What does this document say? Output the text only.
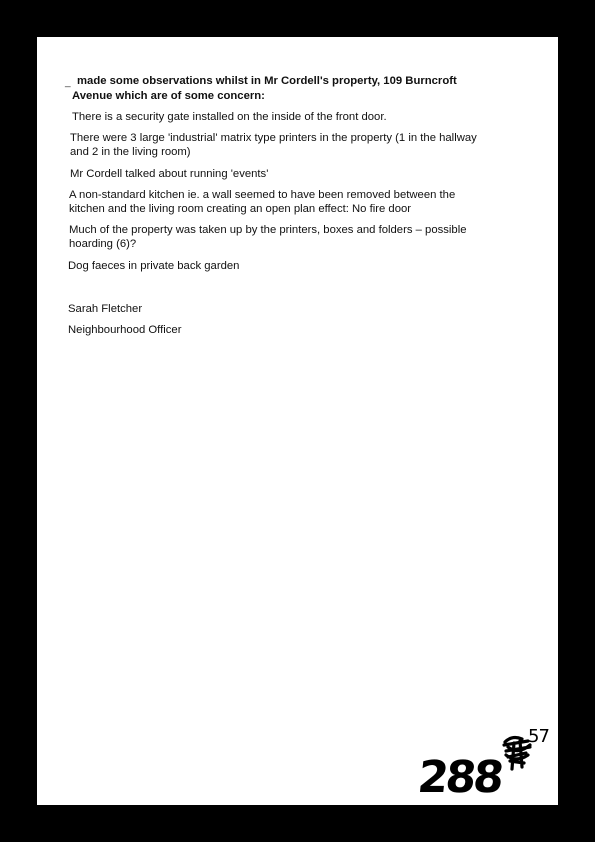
_ made some observations whilst in Mr Cordell's property, 109 Burncroft
Avenue which are of some concern:
There is a security gate installed on the inside of the front door.
There were 3 large 'industrial' matrix type printers in the property (1 in the hallway
and 2 in the living room)
Mr Cordell talked about running 'events'
A non-standard kitchen ie. a wall seemed to have been removed between the
kitchen and the living room creating an open plan effect: No fire door
Much of the property was taken up by the printers, boxes and folders – possible
hoarding (6)?
Dog faeces in private back garden
Sarah Fletcher
Neighbourhood Officer
288
57
